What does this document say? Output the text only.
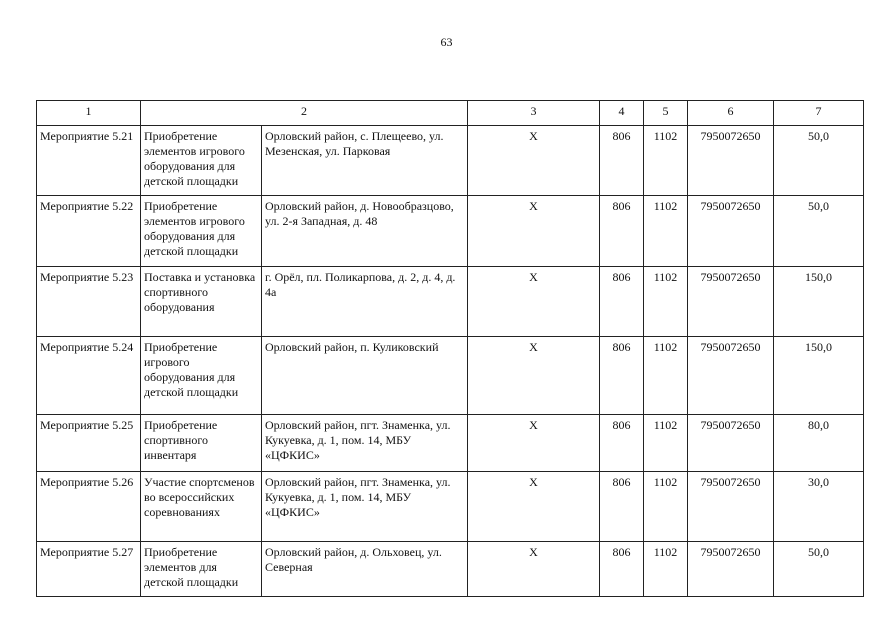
63
1	2		3	4	5	6	7
Мероприятие 5.21	Приобретение элементов игрового оборудования для детской площадки	Орловский район, с. Плещеево, ул. Мезенская, ул. Парковая	Х	806	1102	7950072650	50,0
Мероприятие 5.22	Приобретение элементов игрового оборудования для детской площадки	Орловский район, д. Новообразцово, ул. 2-я Западная, д. 48	Х	806	1102	7950072650	50,0
Мероприятие 5.23	Поставка и установка спортивного оборудования	г. Орёл, пл. Поликарпова, д. 2, д. 4, д. 4а	Х	806	1102	7950072650	150,0
Мероприятие 5.24	Приобретение игрового оборудования для детской площадки	Орловский район, п. Куликовский	Х	806	1102	7950072650	150,0
Мероприятие 5.25	Приобретение спортивного инвентаря	Орловский район, пгт. Знаменка, ул. Кукуевка, д. 1, пом. 14, МБУ «ЦФКИС»	Х	806	1102	7950072650	80,0
Мероприятие 5.26	Участие спортсменов во всероссийских соревнованиях	Орловский район, пгт. Знаменка, ул. Кукуевка, д. 1, пом. 14, МБУ «ЦФКИС»	Х	806	1102	7950072650	30,0
Мероприятие 5.27	Приобретение элементов для детской площадки	Орловский район, д. Ольховец, ул. Северная	Х	806	1102	7950072650	50,0
